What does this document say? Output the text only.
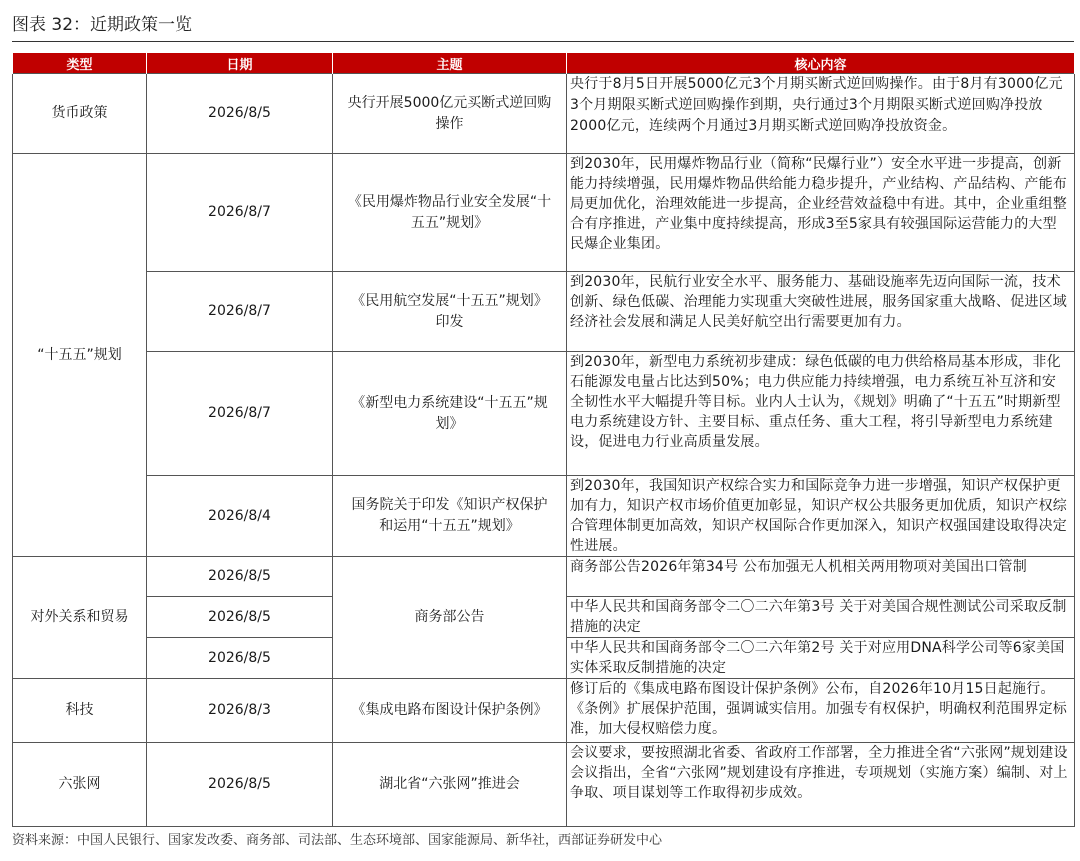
图表 32：近期政策一览
类型	日期	主题	核心内容
货币政策	2026/8/5	央行开展5000亿元买断式逆回购操作	央行于8月5日开展5000亿元3个月期买断式逆回购操作。由于8月有3000亿元3个月期限买断式逆回购操作到期，央行通过3个月期限买断式逆回购净投放2000亿元，连续两个月通过3月期买断式逆回购净投放资金。
“十五五”规划	2026/8/7	《民用爆炸物品行业安全发展“十五五”规划》	到2030年，民用爆炸物品行业（简称“民爆行业”）安全水平进一步提高，创新能力持续增强，民用爆炸物品供给能力稳步提升，产业结构、产品结构、产能布局更加优化，治理效能进一步提高，企业经营效益稳中有进。其中，企业重组整合有序推进，产业集中度持续提高，形成3至5家具有较强国际运营能力的大型民爆企业集团。
	2026/8/7	《民用航空发展“十五五”规划》印发	到2030年，民航行业安全水平、服务能力、基础设施率先迈向国际一流，技术创新、绿色低碳、治理能力实现重大突破性进展，服务国家重大战略、促进区域经济社会发展和满足人民美好航空出行需要更加有力。
	2026/8/7	《新型电力系统建设“十五五”规划》	到2030年，新型电力系统初步建成：绿色低碳的电力供给格局基本形成，非化石能源发电量占比达到50%；电力供应能力持续增强，电力系统互补互济和安全韧性水平大幅提升等目标。业内人士认为，《规划》明确了“十五五”时期新型电力系统建设方针、主要目标、重点任务、重大工程，将引导新型电力系统建设，促进电力行业高质量发展。
	2026/8/4	国务院关于印发《知识产权保护和运用“十五五”规划》	到2030年，我国知识产权综合实力和国际竞争力进一步增强，知识产权保护更加有力，知识产权市场价值更加彰显，知识产权公共服务更加优质，知识产权综合管理体制更加高效，知识产权国际合作更加深入，知识产权强国建设取得决定性进展。
对外关系和贸易	2026/8/5	商务部公告	商务部公告2026年第34号 公布加强无人机相关两用物项对美国出口管制
	2026/8/5		中华人民共和国商务部令二〇二六年第3号 关于对美国合规性测试公司采取反制措施的决定
	2026/8/5		中华人民共和国商务部令二〇二六年第2号 关于对应用DNA科学公司等6家美国实体采取反制措施的决定
科技	2026/8/3	《集成电路布图设计保护条例》	修订后的《集成电路布图设计保护条例》公布，自2026年10月15日起施行。《条例》扩展保护范围，强调诚实信用。加强专有权保护，明确权利范围界定标准，加大侵权赔偿力度。
六张网	2026/8/5	湖北省“六张网”推进会	会议要求，要按照湖北省委、省政府工作部署，全力推进全省“六张网”规划建设会议指出，全省“六张网”规划建设有序推进，专项规划（实施方案）编制、对上争取、项目谋划等工作取得初步成效。
资料来源：中国人民银行、国家发改委、商务部、司法部、生态环境部、国家能源局、新华社，西部证券研发中心
